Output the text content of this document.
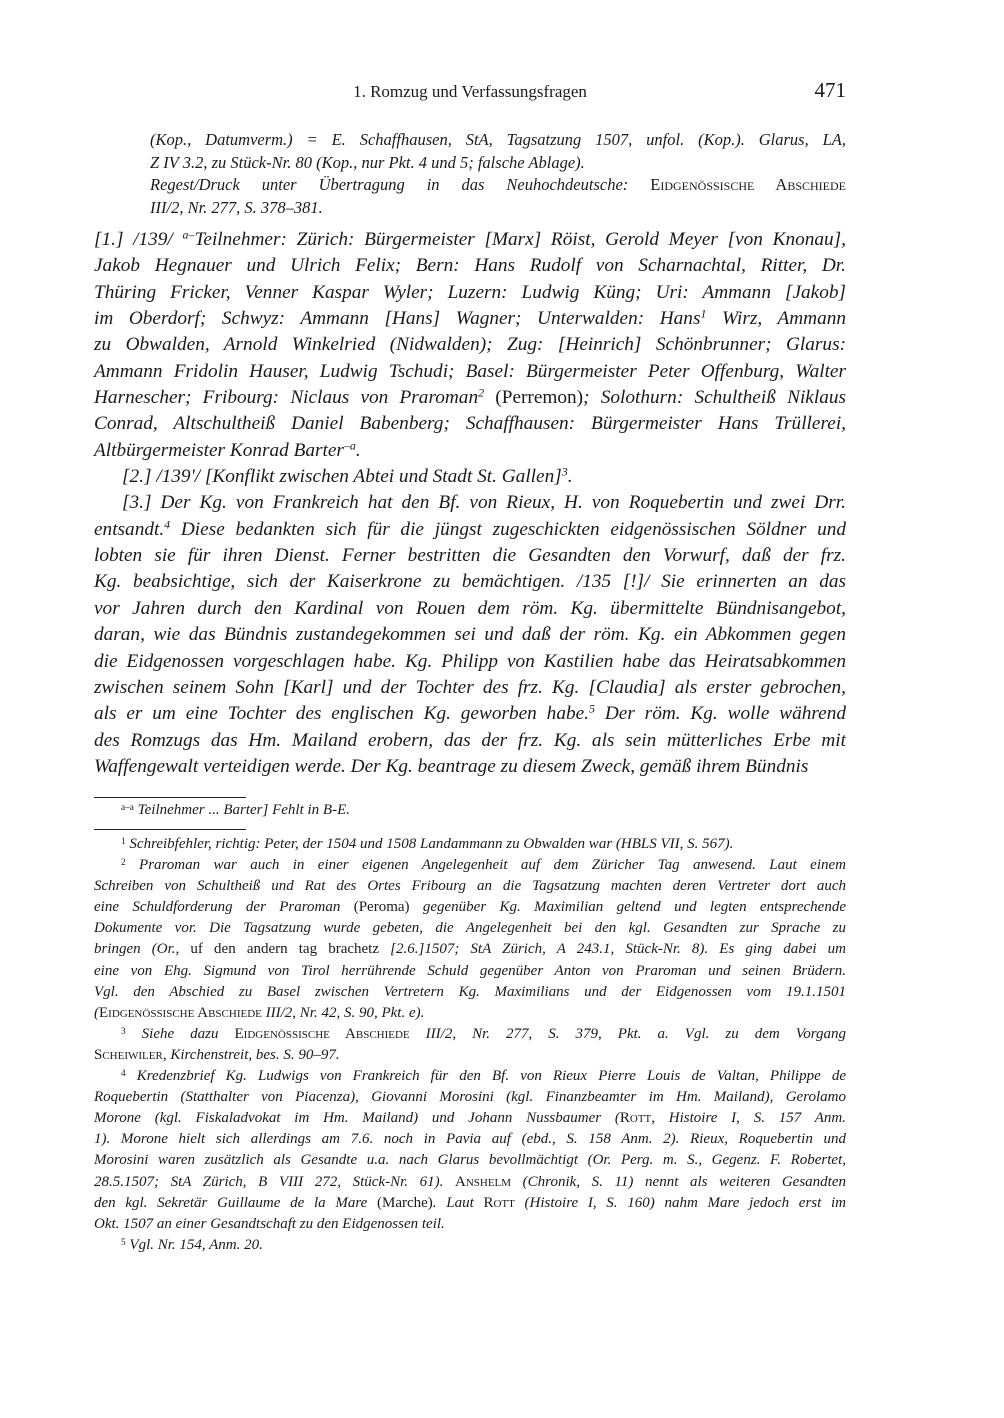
1. Romzug und Verfassungsfragen	471
(Kop., Datumverm.) = E. Schaffhausen, StA, Tagsatzung 1507, unfol. (Kop.). Glarus, LA,
Z IV 3.2, zu Stück-Nr. 80 (Kop., nur Pkt. 4 und 5; falsche Ablage).
Regest/Druck unter Übertragung in das Neuhochdeutsche: Eidgenössische Abschiede
III/2, Nr. 277, S. 378–381.
[1.] /139/ $^{a-}$Teilnehmer: Zürich: Bürgermeister [Marx] Röist, Gerold Meyer [von Knonau],
Jakob Hegnauer und Ulrich Felix; Bern: Hans Rudolf von Scharnachtal, Ritter, Dr.
Thüring Fricker, Venner Kaspar Wyler; Luzern: Ludwig Küng; Uri: Ammann [Jakob]
im Oberdorf; Schwyz: Ammann [Hans] Wagner; Unterwalden: Hans$^1$ Wirz, Ammann
zu Obwalden, Arnold Winkelried (Nidwalden); Zug: [Heinrich] Schönbrunner; Glarus:
Ammann Fridolin Hauser, Ludwig Tschudi; Basel: Bürgermeister Peter Offenburg, Walter
Harnescher; Fribourg: Niclaus von Praroman$^2$ (Perremon); Solothurn: Schultheiß Niklaus
Conrad, Altschultheiß Daniel Babenberg; Schaffhausen: Bürgermeister Hans Trüllerei,
Altbürgermeister Konrad Barter$^{-a}$.
[2.] /139'/ [Konflikt zwischen Abtei und Stadt St. Gallen]$^3$.
[3.] Der Kg. von Frankreich hat den Bf. von Rieux, H. von Roquebertin und zwei Drr.
entsandt.$^4$ Diese bedankten sich für die jüngst zugeschickten eidgenössischen Söldner und
lobten sie für ihren Dienst. Ferner bestritten die Gesandten den Vorwurf, daß der frz.
Kg. beabsichtige, sich der Kaiserkrone zu bemächtigen. /135 [!]/ Sie erinnerten an das
vor Jahren durch den Kardinal von Rouen dem röm. Kg. übermittelte Bündnisangebot,
daran, wie das Bündnis zustandegekommen sei und daß der röm. Kg. ein Abkommen gegen
die Eidgenossen vorgeschlagen habe. Kg. Philipp von Kastilien habe das Heiratsabkommen
zwischen seinem Sohn [Karl] und der Tochter des frz. Kg. [Claudia] als erster gebrochen,
als er um eine Tochter des englischen Kg. geworben habe.$^5$ Der röm. Kg. wolle während
des Romzugs das Hm. Mailand erobern, das der frz. Kg. als sein mütterliches Erbe mit
Waffengewalt verteidigen werde. Der Kg. beantrage zu diesem Zweck, gemäß ihrem Bündnis
$^{a-a}$ Teilnehmer ... Barter] Fehlt in B-E.
$^1$ Schreibfehler, richtig: Peter, der 1504 und 1508 Landammann zu Obwalden war (HBLS VII, S. 567).
$^2$ Praroman war auch in einer eigenen Angelegenheit auf dem Züricher Tag anwesend. Laut einem
Schreiben von Schultheiß und Rat des Ortes Fribourg an die Tagsatzung machten deren Vertreter dort auch
eine Schuldforderung der Praroman (Peroma) gegenüber Kg. Maximilian geltend und legten entsprechende
Dokumente vor. Die Tagsatzung wurde gebeten, die Angelegenheit bei den kgl. Gesandten zur Sprache zu
bringen (Or., uf den andern tag brachetz [2.6.]1507; StA Zürich, A 243.1, Stück-Nr. 8). Es ging dabei um
eine von Ehg. Sigmund von Tirol herrührende Schuld gegenüber Anton von Praroman und seinen Brüdern.
Vgl. den Abschied zu Basel zwischen Vertretern Kg. Maximilians und der Eidgenossen vom 19.1.1501
(Eidgenössische Abschiede III/2, Nr. 42, S. 90, Pkt. e).
$^3$ Siehe dazu Eidgenössische Abschiede III/2, Nr. 277, S. 379, Pkt. a. Vgl. zu dem Vorgang
Scheiwiler, Kirchenstreit, bes. S. 90–97.
$^4$ Kredenzbrief Kg. Ludwigs von Frankreich für den Bf. von Rieux Pierre Louis de Valtan, Philippe de
Roquebertin (Statthalter von Piacenza), Giovanni Morosini (kgl. Finanzbeamter im Hm. Mailand), Gerolamo
Morone (kgl. Fiskaladvokat im Hm. Mailand) und Johann Nussbaumer (Rott, Histoire I, S. 157 Anm.
1). Morone hielt sich allerdings am 7.6. noch in Pavia auf (ebd., S. 158 Anm. 2). Rieux, Roquebertin und
Morosini waren zusätzlich als Gesandte u.a. nach Glarus bevollmächtigt (Or. Perg. m. S., Gegenz. F. Robertet,
28.5.1507; StA Zürich, B VIII 272, Stück-Nr. 61). Anshelm (Chronik, S. 11) nennt als weiteren Gesandten
den kgl. Sekretär Guillaume de la Mare (Marche). Laut Rott (Histoire I, S. 160) nahm Mare jedoch erst im
Okt. 1507 an einer Gesandtschaft zu den Eidgenossen teil.
$^5$ Vgl. Nr. 154, Anm. 20.
